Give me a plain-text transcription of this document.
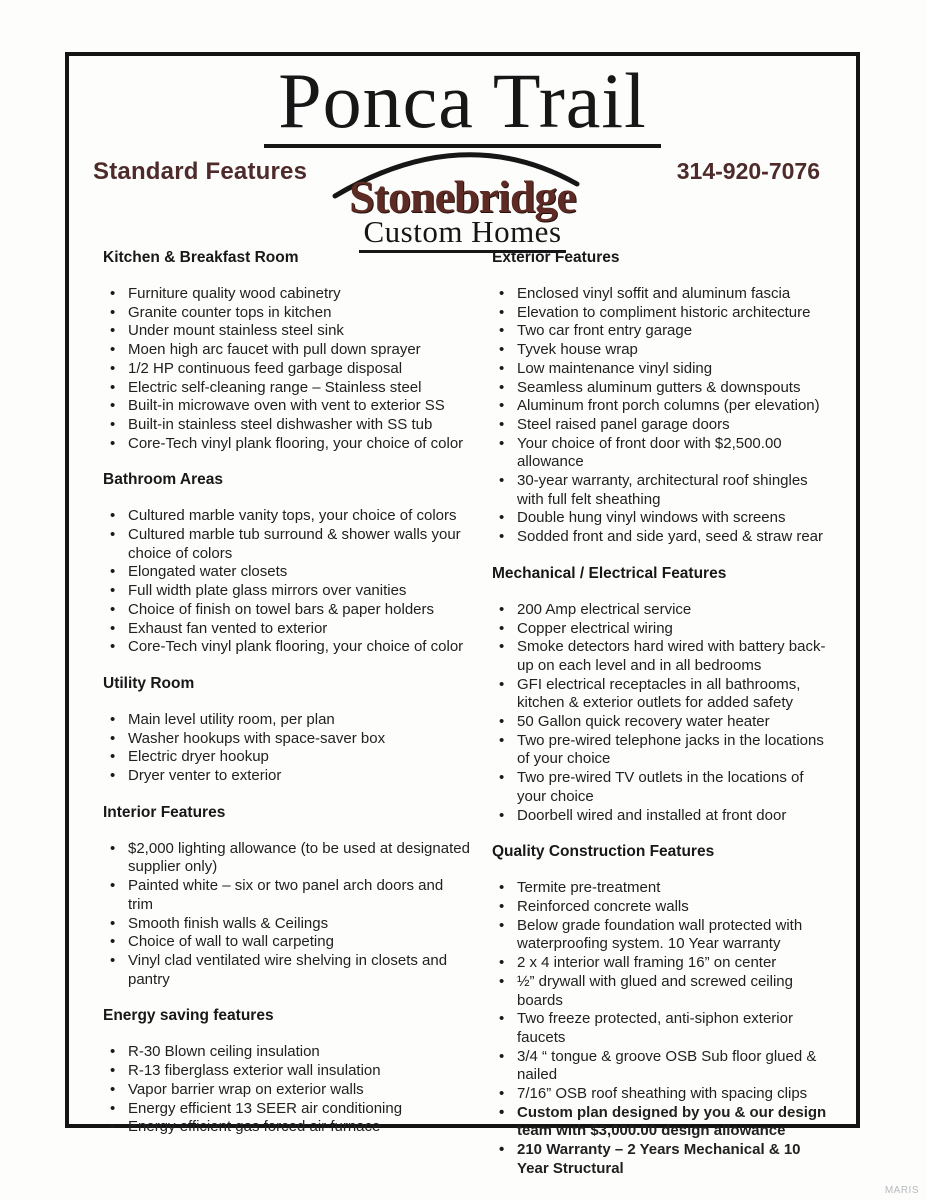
Ponca Trail
Standard Features	314-920-7076
Stonebridge
Custom Homes
Kitchen & Breakfast Room
• Furniture quality wood cabinetry
• Granite counter tops in kitchen
• Under mount stainless steel sink
• Moen high arc faucet with pull down sprayer
• 1/2 HP continuous feed garbage disposal
• Electric self-cleaning range – Stainless steel
• Built-in microwave oven with vent to exterior SS
• Built-in stainless steel dishwasher with SS tub
• Core-Tech vinyl plank flooring, your choice of color
Bathroom Areas
• Cultured marble vanity tops, your choice of colors
• Cultured marble tub surround & shower walls your choice of colors
• Elongated water closets
• Full width plate glass mirrors over vanities
• Choice of finish on towel bars & paper holders
• Exhaust fan vented to exterior
• Core-Tech vinyl plank flooring, your choice of color
Utility Room
• Main level utility room, per plan
• Washer hookups with space-saver box
• Electric dryer hookup
• Dryer venter to exterior
Interior Features
• $2,000 lighting allowance (to be used at designated supplier only)
• Painted white – six or two panel arch doors and trim
• Smooth finish walls & Ceilings
• Choice of wall to wall carpeting
• Vinyl clad ventilated wire shelving in closets and pantry
Energy saving features
• R-30 Blown ceiling insulation
• R-13 fiberglass exterior wall insulation
• Vapor barrier wrap on exterior walls
• Energy efficient 13 SEER air conditioning
• Energy efficient gas forced air furnace
Exterior Features
• Enclosed vinyl soffit and aluminum fascia
• Elevation to compliment historic architecture
• Two car front entry garage
• Tyvek house wrap
• Low maintenance vinyl siding
• Seamless aluminum gutters & downspouts
• Aluminum front porch columns (per elevation)
• Steel raised panel garage doors
• Your choice of front door with $2,500.00 allowance
• 30-year warranty, architectural roof shingles with full felt sheathing
• Double hung vinyl windows with screens
• Sodded front and side yard, seed & straw rear
Mechanical / Electrical Features
• 200 Amp electrical service
• Copper electrical wiring
• Smoke detectors hard wired with battery back-up on each level and in all bedrooms
• GFI electrical receptacles in all bathrooms, kitchen & exterior outlets for added safety
• 50 Gallon quick recovery water heater
• Two pre-wired telephone jacks in the locations of your choice
• Two pre-wired TV outlets in the locations of your choice
• Doorbell wired and installed at front door
Quality Construction Features
• Termite pre-treatment
• Reinforced concrete walls
• Below grade foundation wall protected with waterproofing system. 10 Year warranty
• 2 x 4 interior wall framing 16” on center
• ½” drywall with glued and screwed ceiling boards
• Two freeze protected, anti-siphon exterior faucets
• 3/4 “ tongue & groove OSB Sub floor glued & nailed
• 7/16” OSB roof sheathing with spacing clips
• Custom plan designed by you & our design team with $3,000.00 design allowance
• 210 Warranty – 2 Years Mechanical & 10 Year Structural
MARIS
